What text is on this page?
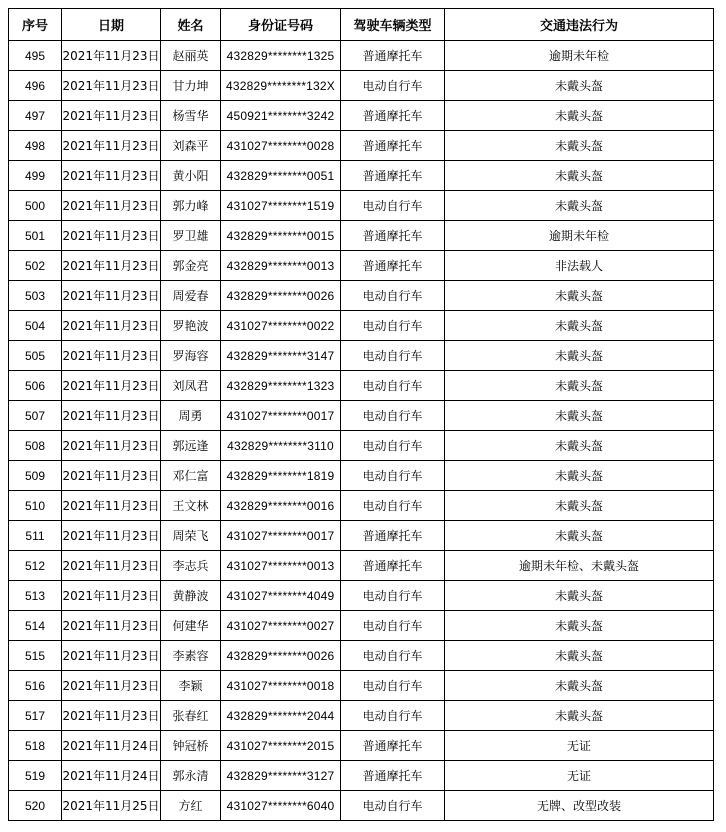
序号	日期	姓名	身份证号码	驾驶车辆类型	交通违法行为
495	2021年11月23日	赵丽英	432829********1325	普通摩托车	逾期未年检
496	2021年11月23日	甘力坤	432829********132X	电动自行车	未戴头盔
497	2021年11月23日	杨雪华	450921********3242	普通摩托车	未戴头盔
498	2021年11月23日	刘森平	431027********0028	普通摩托车	未戴头盔
499	2021年11月23日	黄小阳	432829********0051	普通摩托车	未戴头盔
500	2021年11月23日	郭力峰	431027********1519	电动自行车	未戴头盔
501	2021年11月23日	罗卫雄	432829********0015	普通摩托车	逾期未年检
502	2021年11月23日	郭金亮	432829********0013	普通摩托车	非法载人
503	2021年11月23日	周爱春	432829********0026	电动自行车	未戴头盔
504	2021年11月23日	罗艳波	431027********0022	电动自行车	未戴头盔
505	2021年11月23日	罗海容	432829********3147	电动自行车	未戴头盔
506	2021年11月23日	刘凤君	432829********1323	电动自行车	未戴头盔
507	2021年11月23日	周勇	431027********0017	电动自行车	未戴头盔
508	2021年11月23日	郭远逢	432829********3110	电动自行车	未戴头盔
509	2021年11月23日	邓仁富	432829********1819	电动自行车	未戴头盔
510	2021年11月23日	王文林	432829********0016	电动自行车	未戴头盔
511	2021年11月23日	周荣飞	431027********0017	普通摩托车	未戴头盔
512	2021年11月23日	李志兵	431027********0013	普通摩托车	逾期未年检、未戴头盔
513	2021年11月23日	黄静波	431027********4049	电动自行车	未戴头盔
514	2021年11月23日	何建华	431027********0027	电动自行车	未戴头盔
515	2021年11月23日	李素容	432829********0026	电动自行车	未戴头盔
516	2021年11月23日	李颖	431027********0018	电动自行车	未戴头盔
517	2021年11月23日	张春红	432829********2044	电动自行车	未戴头盔
518	2021年11月24日	钟冠桥	431027********2015	普通摩托车	无证
519	2021年11月24日	郭永清	432829********3127	普通摩托车	无证
520	2021年11月25日	方红	431027********6040	电动自行车	无牌、改型改装
